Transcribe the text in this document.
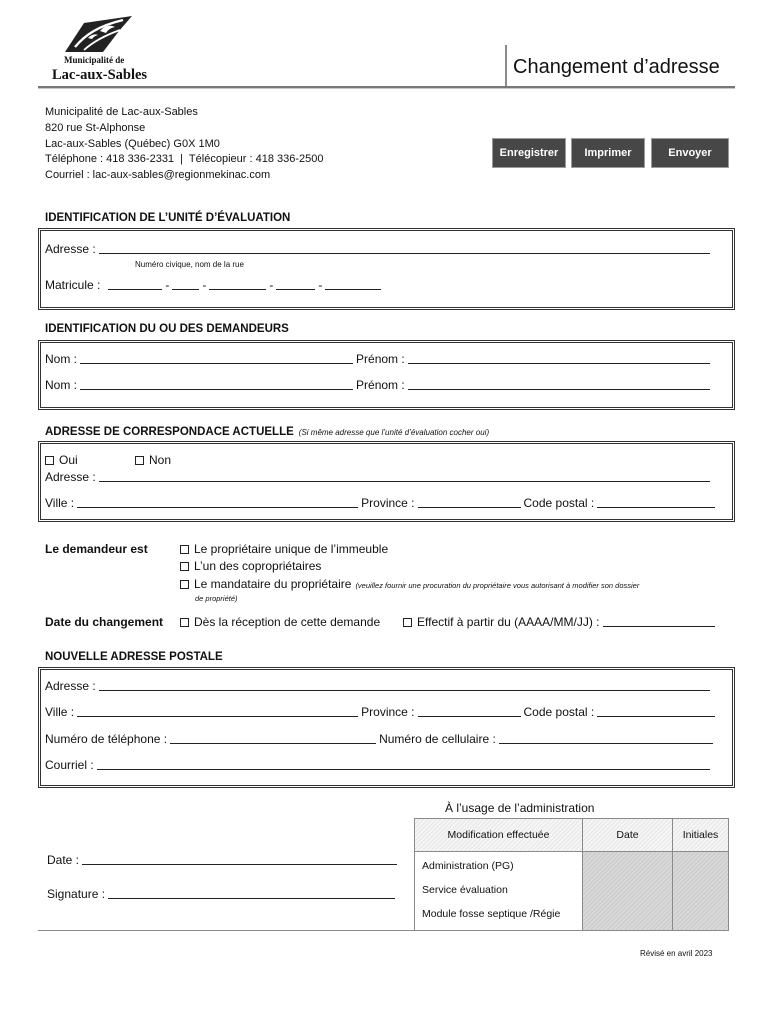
Municipalité de
Lac-aux-Sables	Changement d’adresse
Municipalité de Lac-aux-Sables
820 rue St-Alphonse
Lac-aux-Sables (Québec) G0X 1M0
Téléphone : 418 336-2331  |  Télécopieur : 418 336-2500
Courriel : lac-aux-sables@regionmekinac.com
Enregistrer	Imprimer	Envoyer
IDENTIFICATION DE L’UNITÉ D’ÉVALUATION
Adresse :
Numéro civique, nom de la rue
Matricule :	-	-	-	-
IDENTIFICATION DU OU DES DEMANDEURS
Nom :	Prénom :
Nom :	Prénom :
ADRESSE DE CORRESPONDACE ACTUELLE (Si même adresse que l’unité d’évaluation cocher oui)
Oui	Non
Adresse :
Ville :	Province :	Code postal :
Le demandeur est	Le propriétaire unique de l’immeuble
L’un des copropriétaires
Le mandataire du propriétaire (veuillez fournir une procuration du propriétaire vous autorisant à modifier son dossier
de propriété)
Date du changement	Dès la réception de cette demande	Effectif à partir du (AAAA/MM/JJ) :
NOUVELLE ADRESSE POSTALE
Adresse :
Ville :	Province :	Code postal :
Numéro de téléphone :	Numéro de cellulaire :
Courriel :
À l’usage de l’administration
Modification effectuée	Date	Initiales
Administration (PG)
Service évaluation
Module fosse septique /Régie
Date :
Signature :
Révisé en avril 2023
